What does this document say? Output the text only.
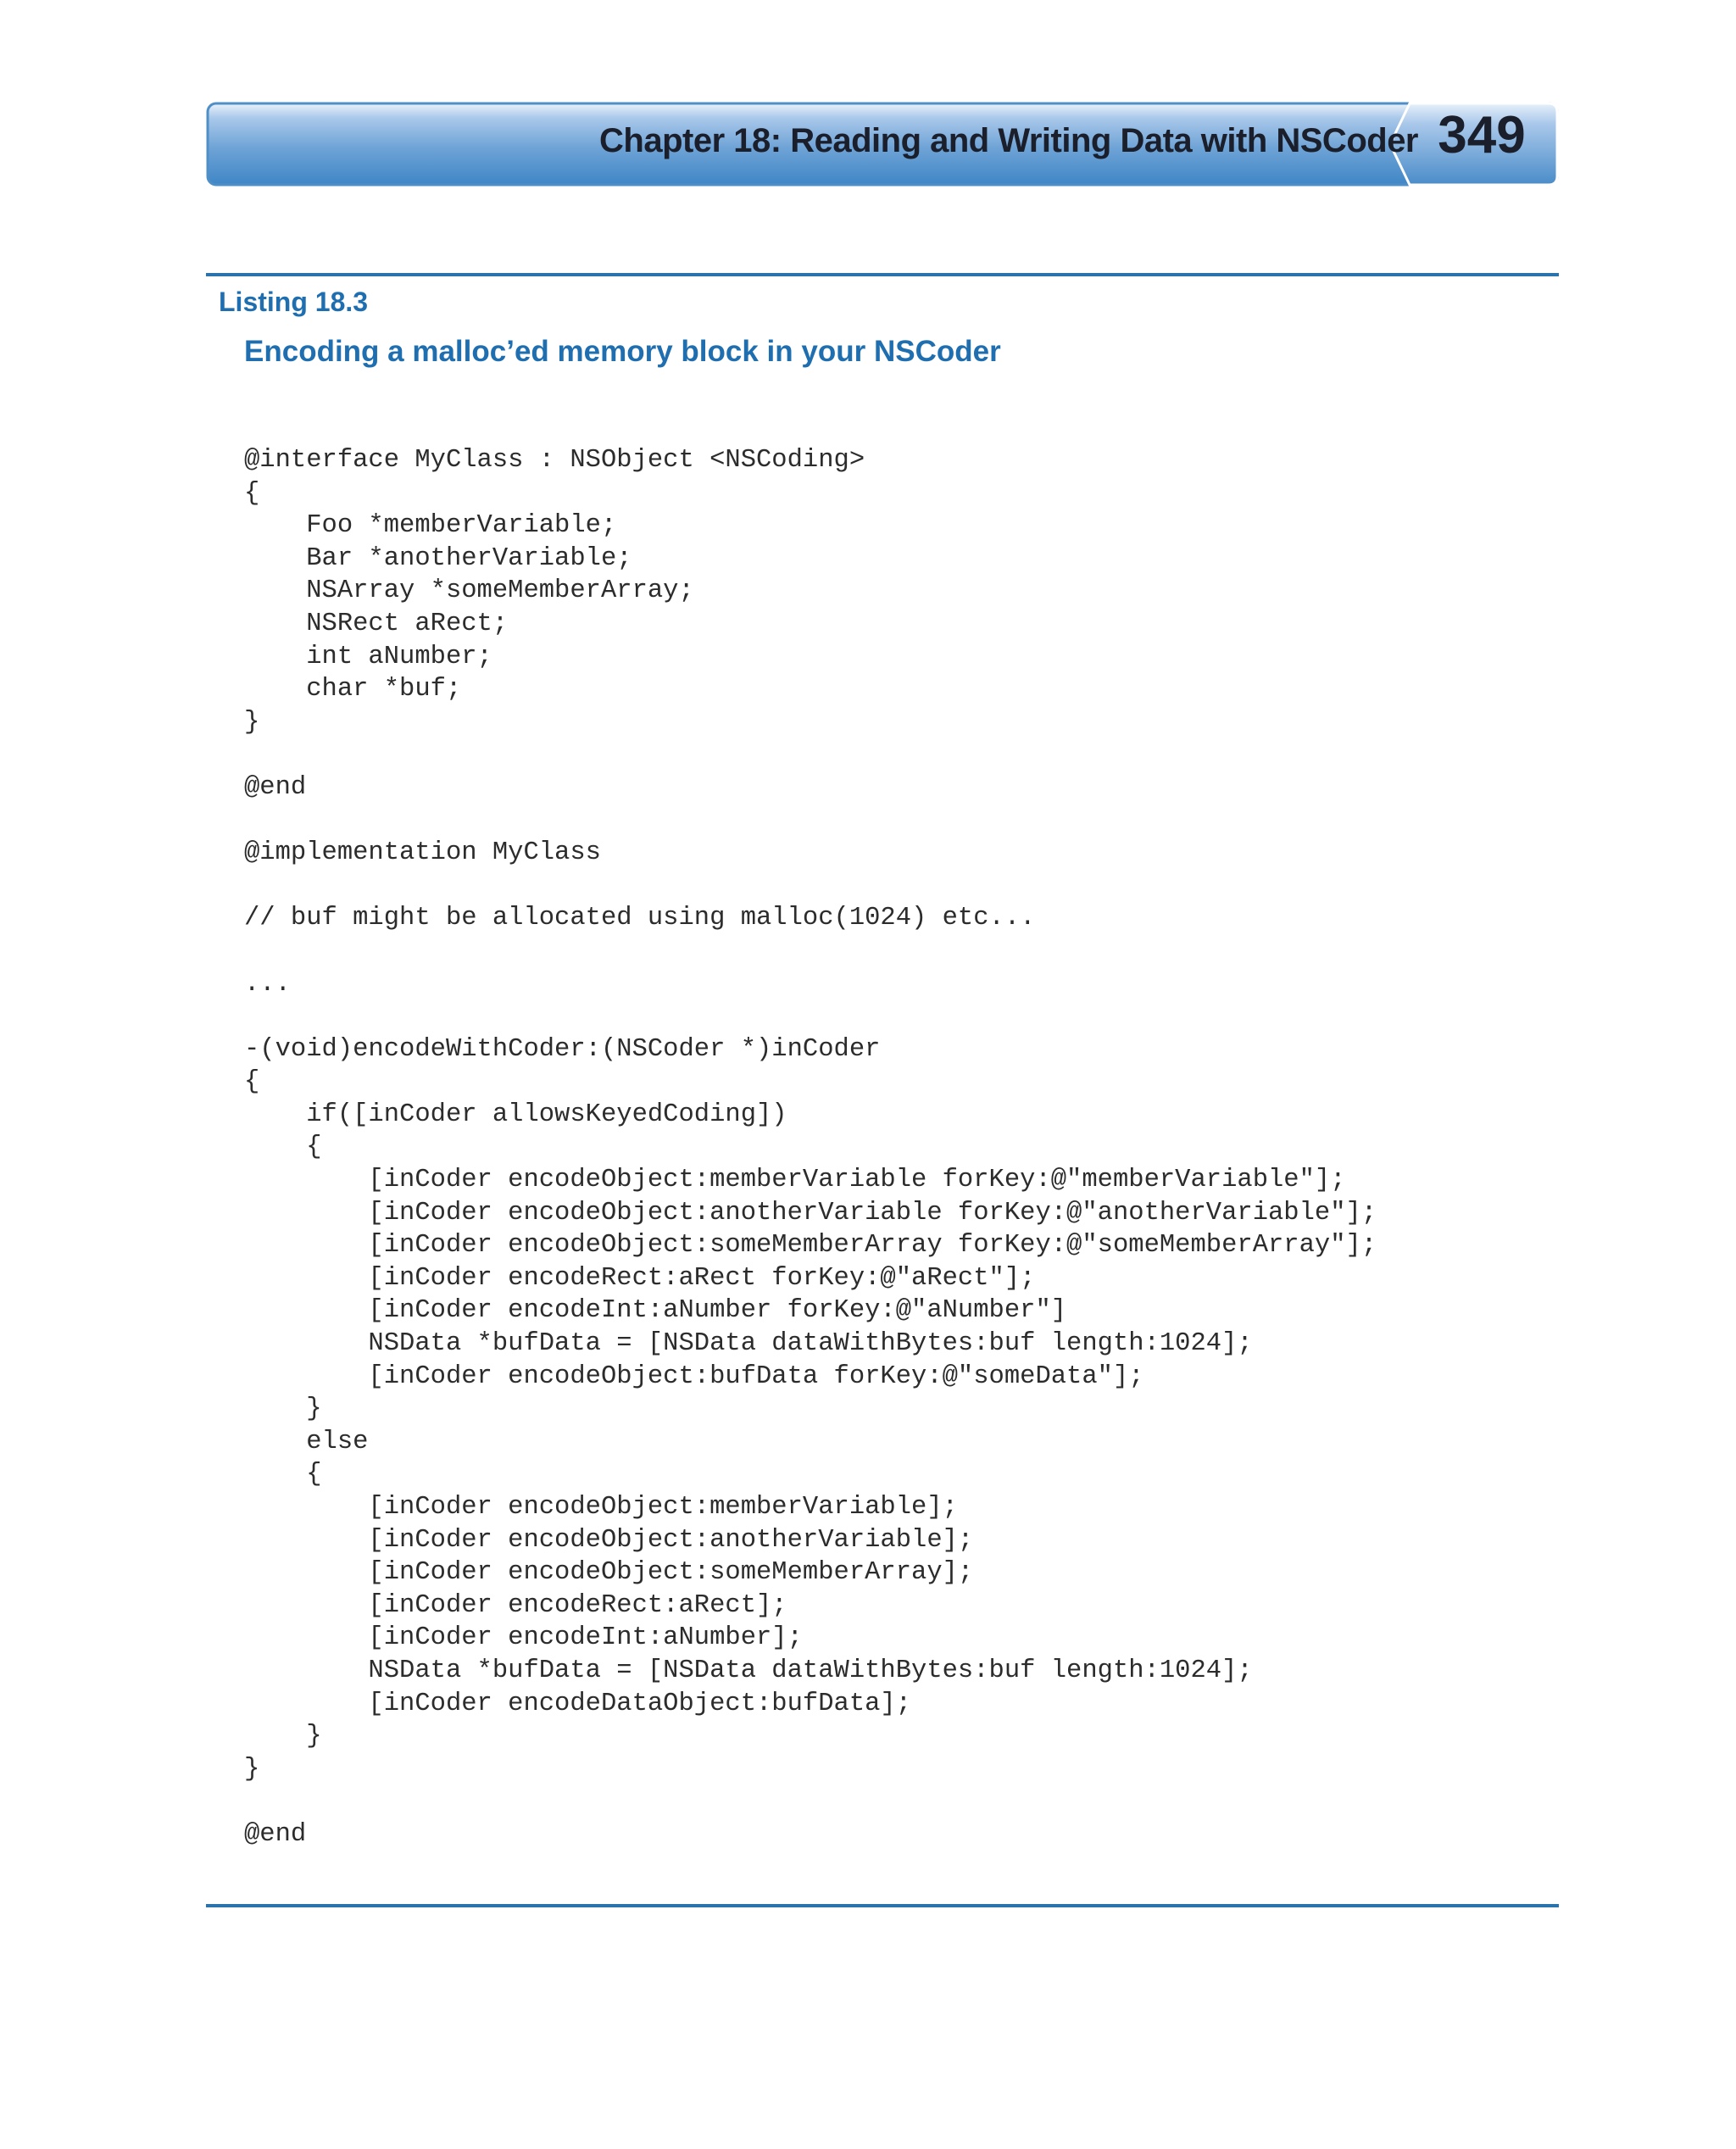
Chapter 18: Reading and Writing Data with NSCoder 349
Listing 18.3
Encoding a malloc’ed memory block in your NSCoder
@interface MyClass : NSObject <NSCoding>
{
Foo *memberVariable;
Bar *anotherVariable;
NSArray *someMemberArray;
NSRect aRect;
int aNumber;
char *buf;
}
@end
@implementation MyClass
// buf might be allocated using malloc(1024) etc...
...
-(void)encodeWithCoder:(NSCoder *)inCoder
{
if([inCoder allowsKeyedCoding])
{
[inCoder encodeObject:memberVariable forKey:@"memberVariable"];
[inCoder encodeObject:anotherVariable forKey:@"anotherVariable"];
[inCoder encodeObject:someMemberArray forKey:@"someMemberArray"];
[inCoder encodeRect:aRect forKey:@"aRect"];
[inCoder encodeInt:aNumber forKey:@"aNumber"]
NSData *bufData = [NSData dataWithBytes:buf length:1024];
[inCoder encodeObject:bufData forKey:@"someData"];
}
else
{
[inCoder encodeObject:memberVariable];
[inCoder encodeObject:anotherVariable];
[inCoder encodeObject:someMemberArray];
[inCoder encodeRect:aRect];
[inCoder encodeInt:aNumber];
NSData *bufData = [NSData dataWithBytes:buf length:1024];
[inCoder encodeDataObject:bufData];
}
}
@end
